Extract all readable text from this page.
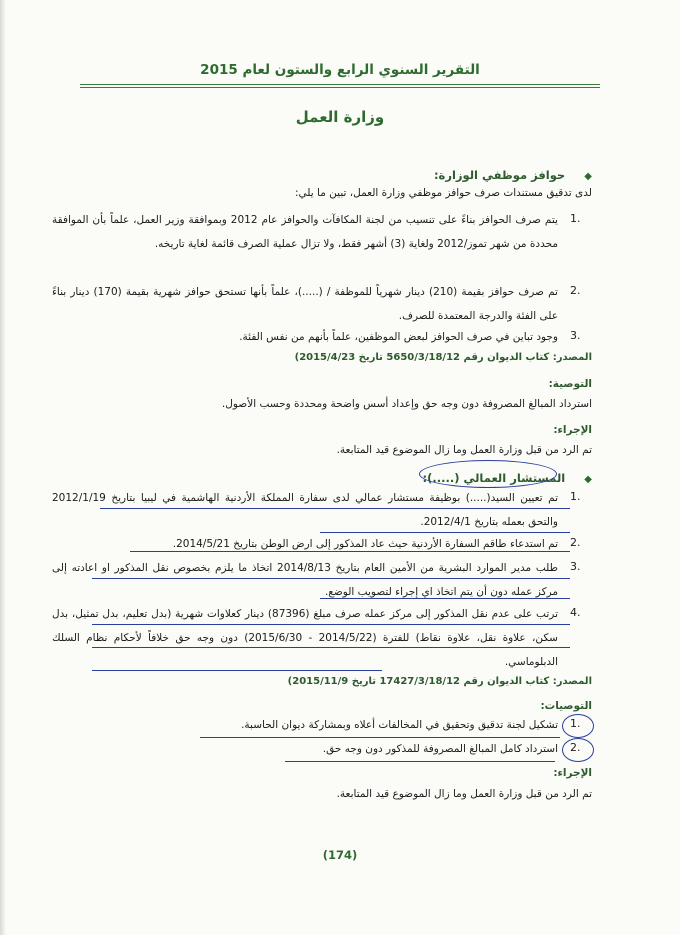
التقرير السنوي الرابع والستون لعام 2015
وزارة العمل
◆ حوافز موظفي الوزارة:
لدى تدقيق مستندات صرف حوافز موظفي وزارة العمل، تبين ما يلي:
1.
يتم صرف الحوافز بناءً على تنسيب من لجنة المكافآت والحوافز عام 2012 وبموافقة وزير العمل، علماً بأن الموافقة محددة من شهر تموز/2012 ولغاية (3) أشهر فقط، ولا تزال عملية الصرف قائمة لغاية تاريخه.
2.
تم صرف حوافز بقيمة (210) دينار شهرياً للموظفة / (.....)، علماً بأنها تستحق حوافز شهرية بقيمة (170) دينار بناءً على الفئة والدرجة المعتمدة للصرف.
3.
وجود تباين في صرف الحوافز لبعض الموظفين، علماً بأنهم من نفس الفئة.
المصدر: كتاب الديوان رقم 5650/3/18/12 تاريخ 2015/4/23)
التوصية:
استرداد المبالغ المصروفة دون وجه حق وإعداد أسس واضحة ومحددة وحسب الأصول.
الإجراء:
تم الرد من قبل وزارة العمل وما زال الموضوع قيد المتابعة.
◆ المستشار العمالي (.....):
1.
تم تعيين السيد(.....) بوظيفة مستشار عمالي لدى سفارة المملكة الأردنية الهاشمية في ليبيا بتاريخ 2012/1/19 والتحق بعمله بتاريخ 2012/4/1.
2.
تم استدعاء طاقم السفارة الأردنية حيث عاد المذكور إلى ارض الوطن بتاريخ 2014/5/21.
3.
طلب مدير الموارد البشرية من الأمين العام بتاريخ 2014/8/13 اتخاذ ما يلزم بخصوص نقل المذكور او اعادته إلى مركز عمله دون أن يتم اتخاذ اي إجراء لتصويب الوضع.
4.
ترتب على عدم نقل المذكور إلى مركز عمله صرف مبلغ (87396) دينار كعلاوات شهرية (بدل تعليم، بدل تمثيل، بدل سكن، علاوة نقل، علاوة نقاط) للفترة (2014/5/22 - 2015/6/30) دون وجه حق خلافاً لأحكام نظام السلك الدبلوماسي.
المصدر: كتاب الديوان رقم 17427/3/18/12 تاريخ 2015/11/9)
التوصيات:
1.
تشكيل لجنة تدقيق وتحقيق في المخالفات أعلاه وبمشاركة ديوان الحاسبة.
2.
استرداد كامل المبالغ المصروفة للمذكور دون وجه حق.
الإجراء:
تم الرد من قبل وزارة العمل وما زال الموضوع قيد المتابعة.
(174)
